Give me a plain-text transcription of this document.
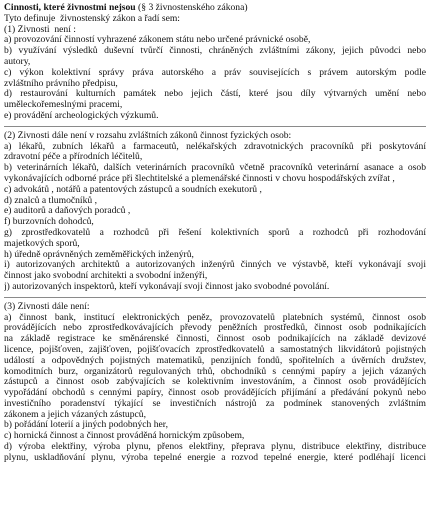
Činnosti, které živnostmi nejsou (§ 3 živnostenského zákona)
Tyto definuje  živnostenský zákon a řadí sem:
(1) Živnosti  není :
a) provozování činností vyhrazené zákonem státu nebo určené právnické osobě,
b) využívání výsledků duševní tvůrčí činnosti, chráněných zvláštními zákony, jejich původci nebo
autory,
c) výkon kolektivní správy práva autorského a práv souvisejících s právem autorským podle
zvláštního právního předpisu,
d) restaurování kulturních památek nebo jejich částí, které jsou díly výtvarných umění nebo
uměleckořemeslnými pracemi,
e) provádění archeologických výzkumů.
(2) Živnosti dále není v rozsahu zvláštních zákonů činnost fyzických osob:
a) lékařů, zubních lékařů a farmaceutů, nelékařských zdravotnických pracovníků při poskytování
zdravotní péče a přírodních léčitelů,
b) veterinárních lékařů, dalších veterinárních pracovníků včetně pracovníků veterinární asanace a osob
vykonávajících odborné práce při šlechtitelské a plemenářské činnosti v chovu hospodářských zvířat ,
c) advokátů , notářů a patentových zástupců a soudních exekutorů ,
d) znalců a tlumočníků ,
e) auditorů a daňových poradců ,
f) burzovních dohodců,
g) zprostředkovatelů a rozhodců při řešení kolektivních sporů a rozhodců při rozhodování
majetkových sporů,
h) úředně oprávněných zeměměřických inženýrů,
i) autorizovaných architektů a autorizovaných inženýrů činných ve výstavbě, kteří vykonávají svoji
činnost jako svobodní architekti a svobodní inženýři,
j) autorizovaných inspektorů, kteří vykonávají svoji činnost jako svobodné povolání.
(3) Živnosti dále není:
a) činnost bank, institucí elektronických peněz, provozovatelů platebních systémů, činnost osob
provádějících nebo zprostředkovávajících převody peněžních prostředků, činnost osob podnikajících
na základě registrace ke směnárenské činnosti, činnost osob podnikajících na základě devizové
licence, pojišťoven, zajišťoven, pojišťovacích zprostředkovatelů a samostatných likvidátorů pojistných
událostí a odpovědných pojistných matematiků, penzijních fondů, spořitelních a úvěrních družstev,
komoditních burz, organizátorů regulovaných trhů, obchodníků s cennými papíry a jejich vázaných
zástupců a činnost osob zabývajících se kolektivním investováním, a činnost osob provádějících
vypořádání obchodů s cennými papíry, činnost osob provádějících přijímání a předávání pokynů nebo
investičního poradenství týkající se investičních nástrojů za podmínek stanovených zvláštním
zákonem a jejich vázaných zástupců,
b) pořádání loterií a jiných podobných her,
c) hornická činnost a činnost prováděná hornickým způsobem,
d) výroba elektřiny, výroba plynu, přenos elektřiny, přeprava plynu, distribuce elektřiny, distribuce
plynu, uskladňování plynu, výroba tepelné energie a rozvod tepelné energie, které podléhají licenci
